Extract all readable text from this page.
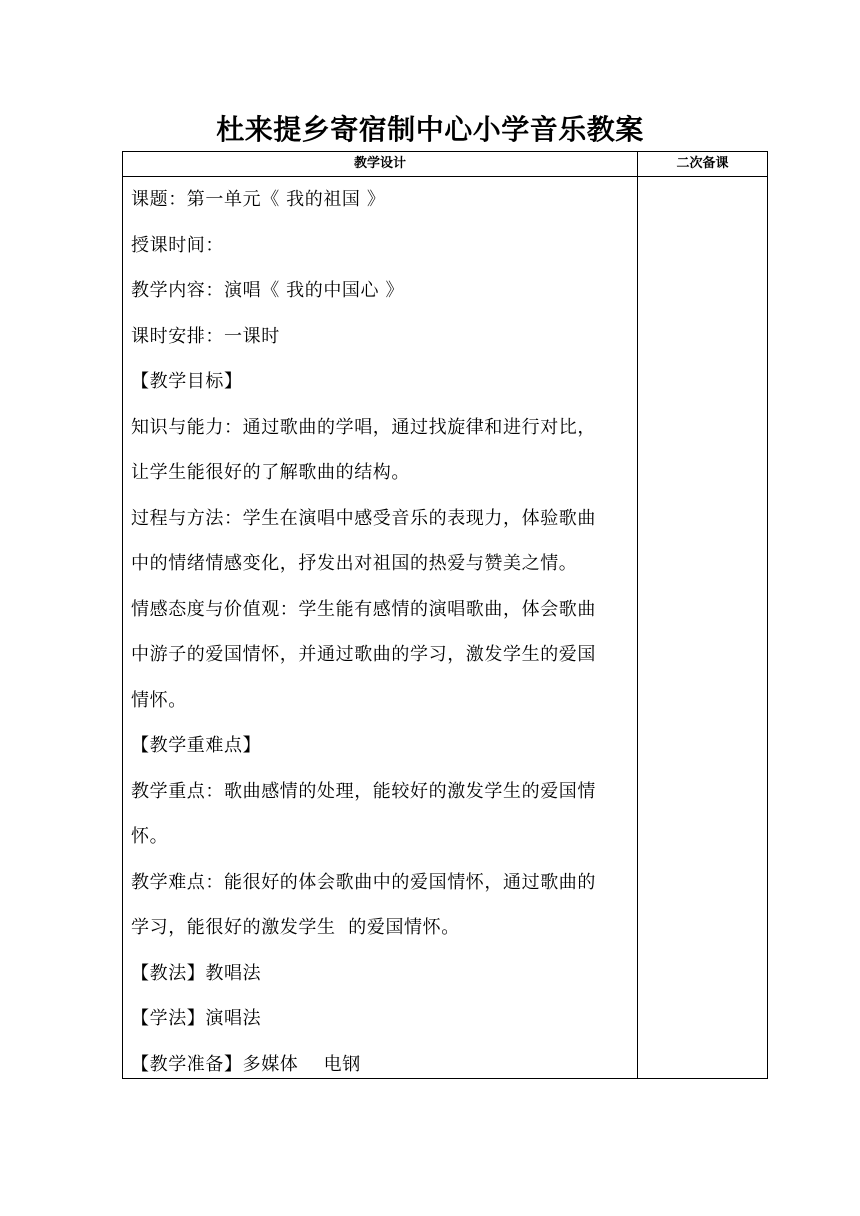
杜来提乡寄宿制中心小学音乐教案
教学设计	二次备课
课题：第一单元《 我的祖国 》
授课时间：
教学内容：演唱《 我的中国心 》
课时安排：一课时
【教学目标】
知识与能力：通过歌曲的学唱，通过找旋律和进行对比，
让学生能很好的了解歌曲的结构。
过程与方法：学生在演唱中感受音乐的表现力，体验歌曲
中的情绪情感变化，抒发出对祖国的热爱与赞美之情。
情感态度与价值观：学生能有感情的演唱歌曲，体会歌曲
中游子的爱国情怀，并通过歌曲的学习，激发学生的爱国
情怀。
【教学重难点】
教学重点：歌曲感情的处理，能较好的激发学生的爱国情
怀。
教学难点：能很好的体会歌曲中的爱国情怀，通过歌曲的
学习，能很好的激发学生  的爱国情怀。
【教法】教唱法
【学法】演唱法
【教学准备】多媒体    电钢
